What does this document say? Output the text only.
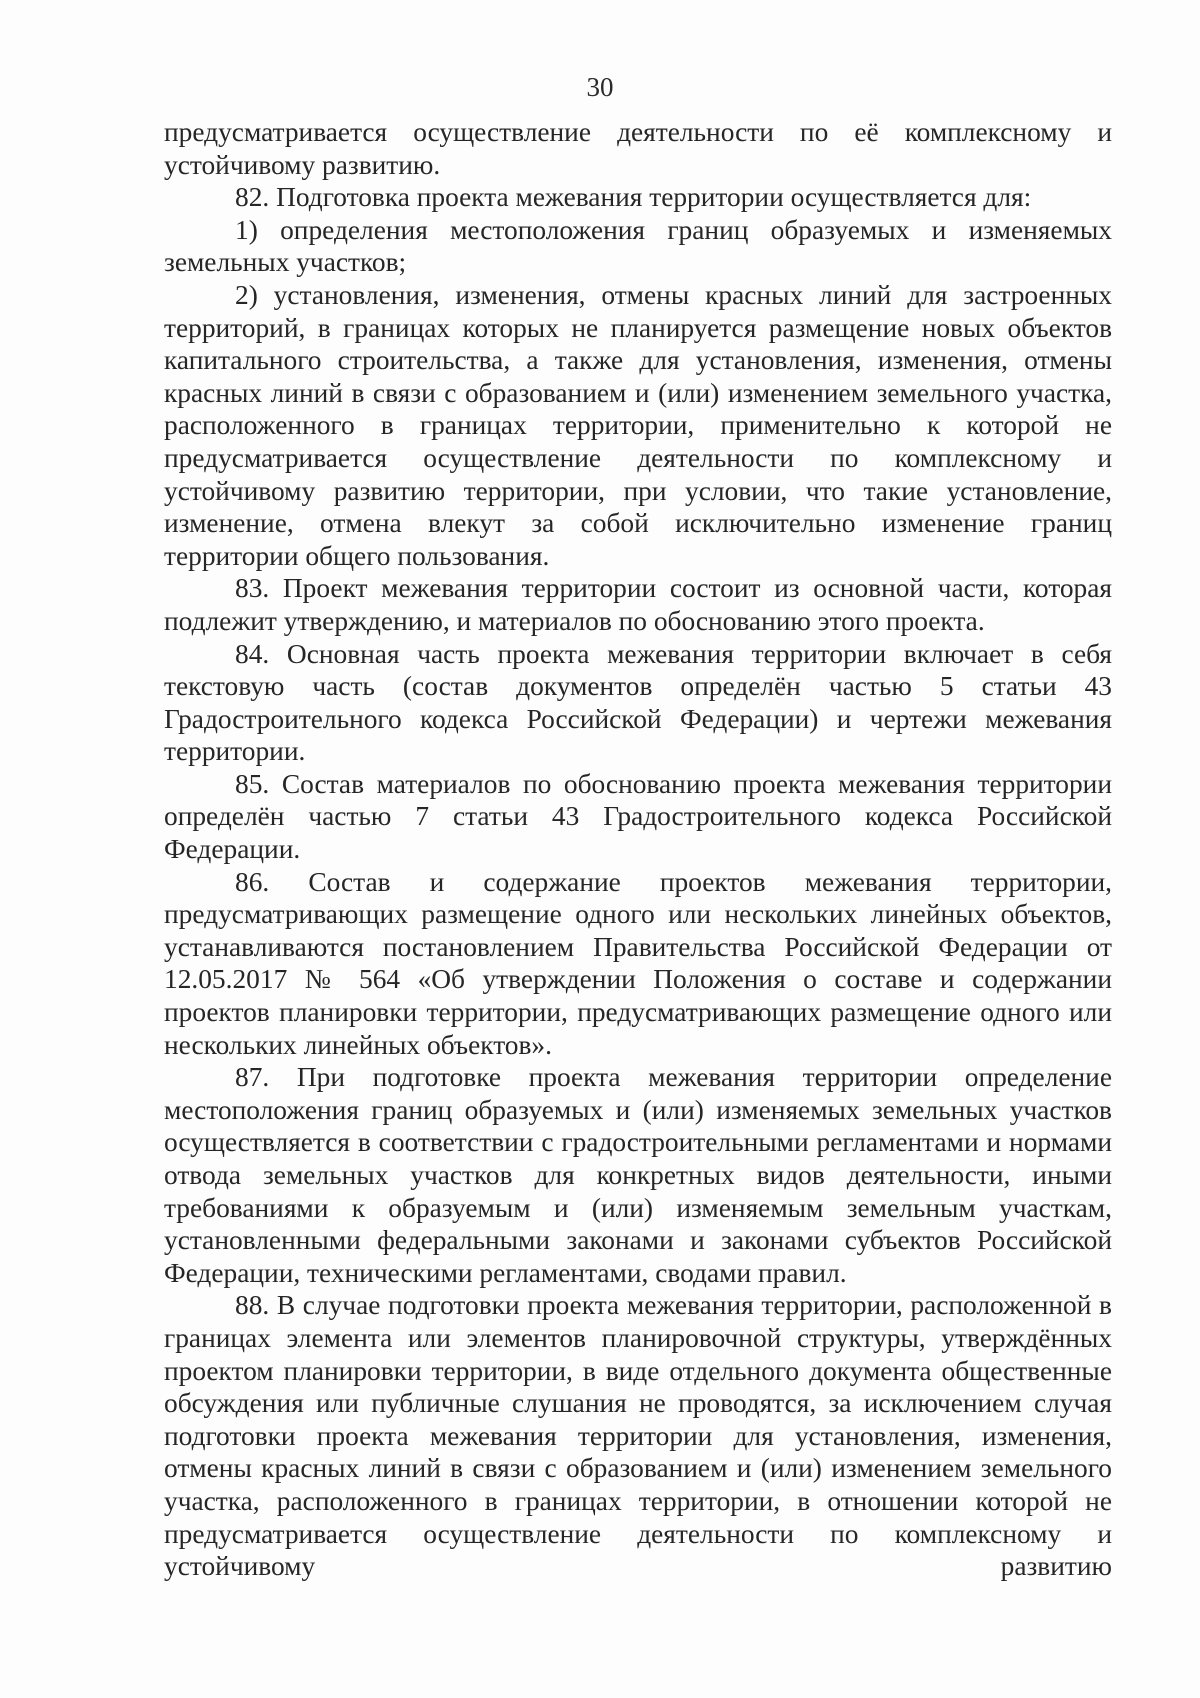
30

предусматривается осуществление деятельности по её комплексному и устойчивому развитию.

82. Подготовка проекта межевания территории осуществляется для:

1) определения местоположения границ образуемых и изменяемых земельных участков;

2) установления, изменения, отмены красных линий для застроенных территорий, в границах которых не планируется размещение новых объектов капитального строительства, а также для установления, изменения, отмены красных линий в связи с образованием и (или) изменением земельного участка, расположенного в границах территории, применительно к которой не предусматривается осуществление деятельности по комплексному и устойчивому развитию территории, при условии, что такие установление, изменение, отмена влекут за собой исключительно изменение границ территории общего пользования.

83. Проект межевания территории состоит из основной части, которая подлежит утверждению, и материалов по обоснованию этого проекта.

84. Основная часть проекта межевания территории включает в себя текстовую часть (состав документов определён частью 5 статьи 43 Градостроительного кодекса Российской Федерации) и чертежи межевания территории.

85. Состав материалов по обоснованию проекта межевания территории определён частью 7 статьи 43 Градостроительного кодекса Российской Федерации.

86. Состав и содержание проектов межевания территории, предусматривающих размещение одного или нескольких линейных объектов, устанавливаются постановлением Правительства Российской Федерации от 12.05.2017 № 564 «Об утверждении Положения о составе и содержании проектов планировки территории, предусматривающих размещение одного или нескольких линейных объектов».

87. При подготовке проекта межевания территории определение местоположения границ образуемых и (или) изменяемых земельных участков осуществляется в соответствии с градостроительными регламентами и нормами отвода земельных участков для конкретных видов деятельности, иными требованиями к образуемым и (или) изменяемым земельным участкам, установленными федеральными законами и законами субъектов Российской Федерации, техническими регламентами, сводами правил.

88. В случае подготовки проекта межевания территории, расположенной в границах элемента или элементов планировочной структуры, утверждённых проектом планировки территории, в виде отдельного документа общественные обсуждения или публичные слушания не проводятся, за исключением случая подготовки проекта межевания территории для установления, изменения, отмены красных линий в связи с образованием и (или) изменением земельного участка, расположенного в границах территории, в отношении которой не предусматривается осуществление деятельности по комплексному и устойчивому развитию
